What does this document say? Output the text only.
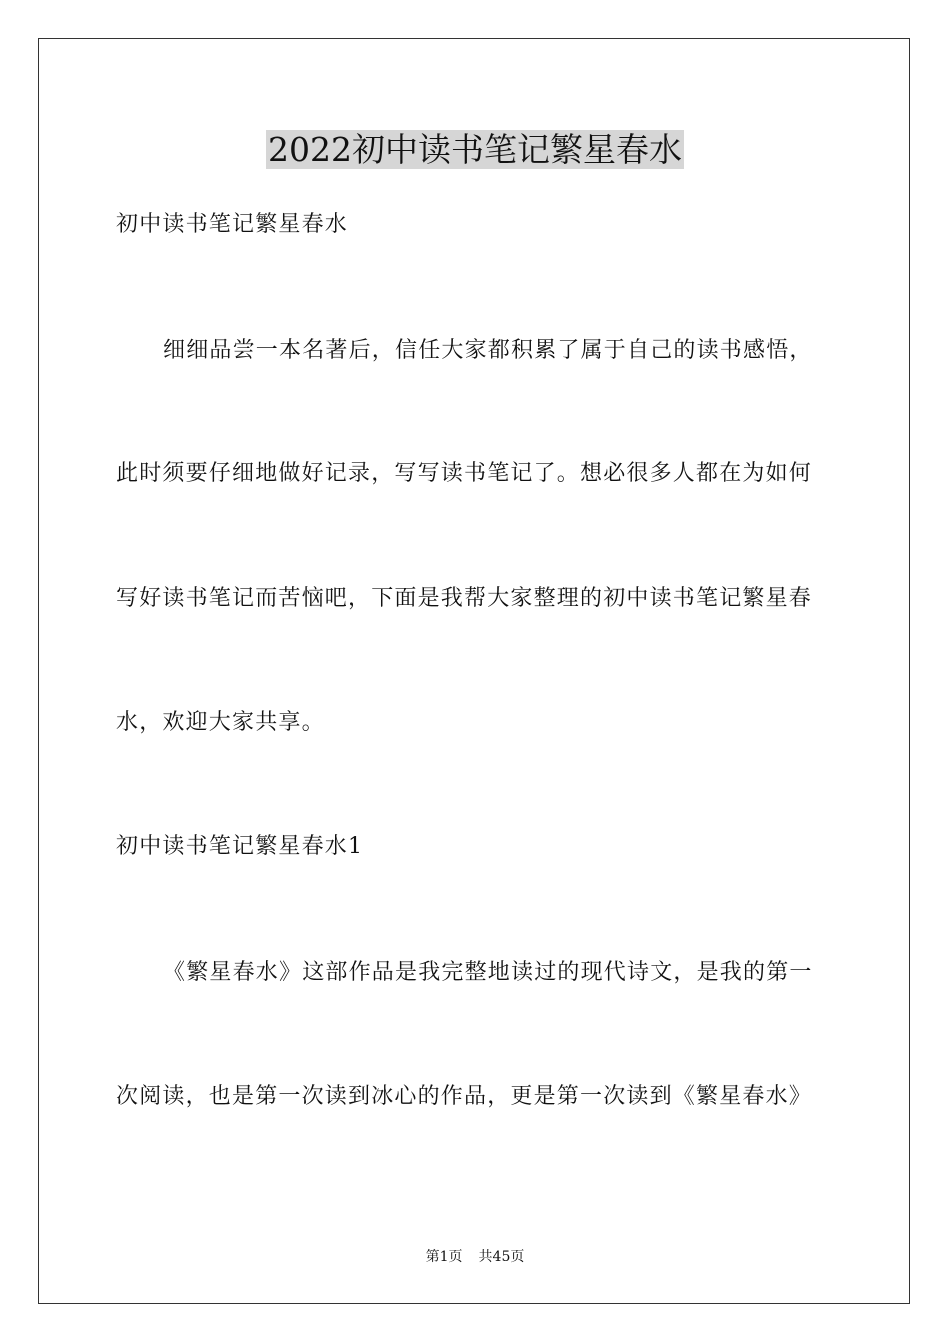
2022初中读书笔记繁星春水
初中读书笔记繁星春水
细细品尝一本名著后，信任大家都积累了属于自己的读书感悟，
此时须要仔细地做好记录，写写读书笔记了。想必很多人都在为如何
写好读书笔记而苦恼吧，下面是我帮大家整理的初中读书笔记繁星春
水，欢迎大家共享。
初中读书笔记繁星春水1
《繁星春水》这部作品是我完整地读过的现代诗文，是我的第一
次阅读，也是第一次读到冰心的作品，更是第一次读到《繁星春水》
第1页 共45页
